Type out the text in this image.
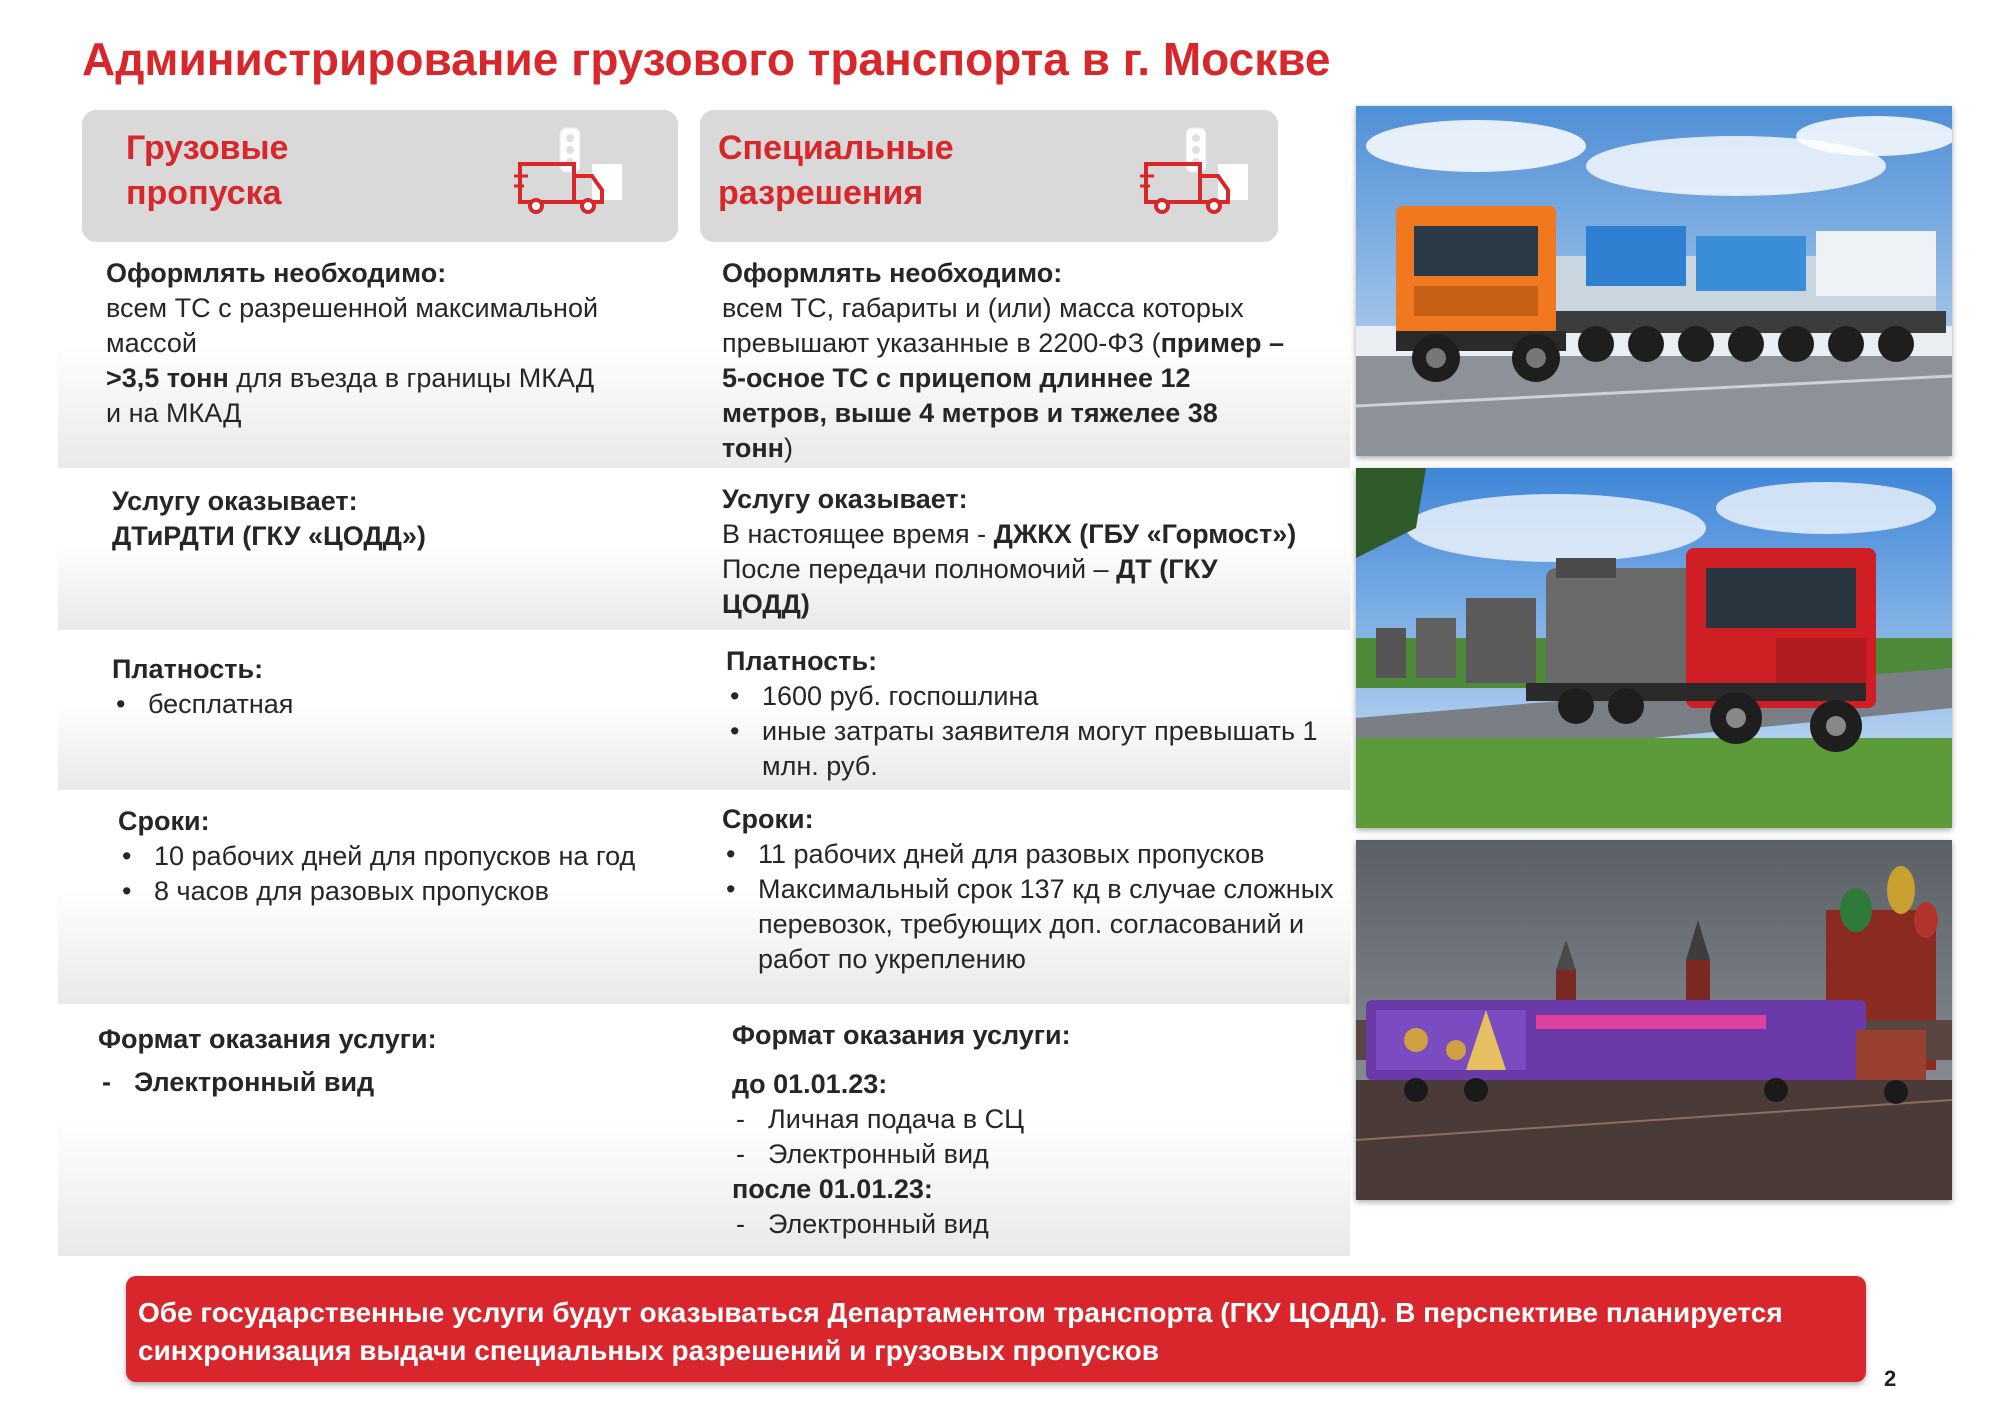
Администрирование грузового транспорта в г. Москве
Грузовые
пропуска
Специальные
разрешения
Оформлять необходимо:
всем ТС с разрешенной максимальной
массой
>3,5 тонн для въезда в границы МКАД
и на МКАД
Услугу оказывает:
ДТиРДТИ (ГКУ «ЦОДД»)
Платность:
• бесплатная
Сроки:
• 10 рабочих дней для пропусков на год
• 8 часов для разовых пропусков
Формат оказания услуги:
- Электронный вид
Оформлять необходимо:
всем ТС, габариты и (или) масса которых
превышают указанные в 2200-ФЗ (пример –
5-осное ТС с прицепом длиннее 12
метров, выше 4 метров и тяжелее 38
тонн)
Услугу оказывает:
В настоящее время - ДЖКХ (ГБУ «Гормост»)
После передачи полномочий – ДТ (ГКУ
ЦОДД)
Платность:
• 1600 руб. госпошлина
• иные затраты заявителя могут превышать 1 млн. руб.
Сроки:
• 11 рабочих дней для разовых пропусков
• Максимальный срок 137 кд в случае сложных перевозок, требующих доп. согласований и работ по укреплению
Формат оказания услуги:
до 01.01.23:
- Личная подача в СЦ
- Электронный вид
после 01.01.23:
- Электронный вид
Обе государственные услуги будут оказываться Департаментом транспорта (ГКУ ЦОДД). В перспективе планируется синхронизация выдачи специальных разрешений и грузовых пропусков
2
